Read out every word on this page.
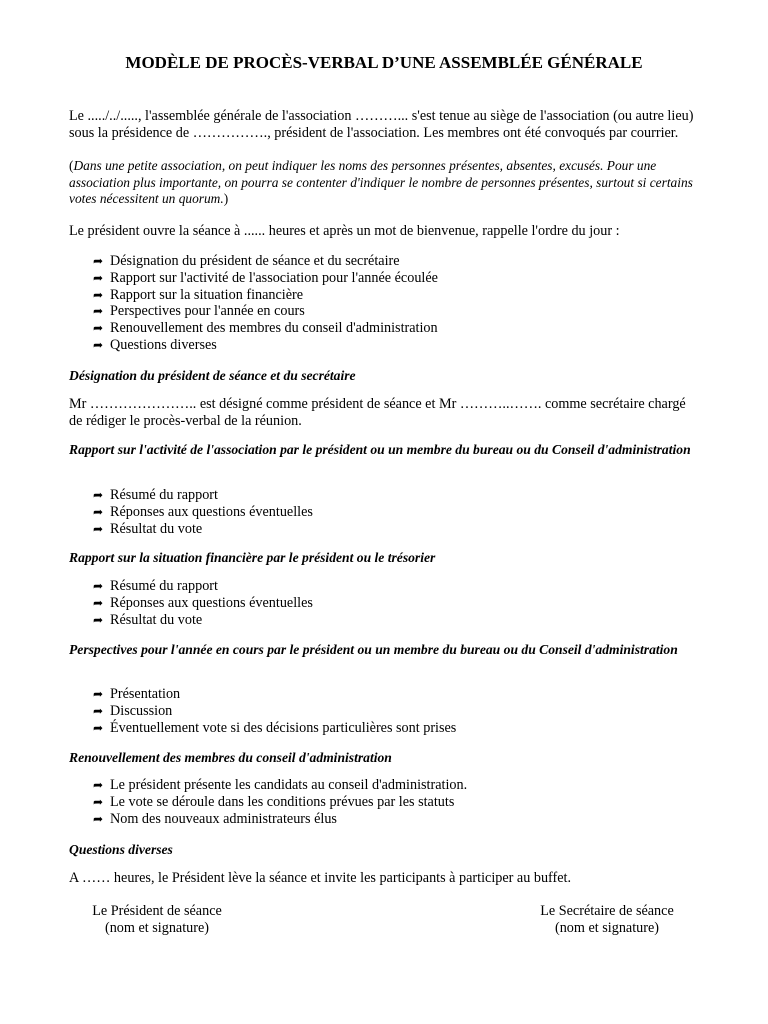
MODÈLE DE PROCÈS-VERBAL D’UNE ASSEMBLÉE GÉNÉRALE
Le ...../../....., l'assemblée générale de l'association ………... s'est tenue au siège de l'association (ou autre lieu) sous la présidence de ……………., président de l'association. Les membres ont été convoqués par courrier.
(Dans une petite association, on peut indiquer les noms des personnes présentes, absentes, excusés. Pour une association plus importante, on pourra se contenter d'indiquer le nombre de personnes présentes, surtout si certains votes nécessitent un quorum.)
Le président ouvre la séance à ...... heures et après un mot de bienvenue, rappelle l'ordre du jour :
➦ Désignation du président de séance et du secrétaire
➦ Rapport sur l'activité de l'association pour l'année écoulée
➦ Rapport sur la situation financière
➦ Perspectives pour l'année en cours
➦ Renouvellement des membres du conseil d'administration
➦ Questions diverses
Désignation du président de séance et du secrétaire
Mr ………………….. est désigné comme président de séance et Mr ………..……. comme secrétaire chargé de rédiger le procès-verbal de la réunion.
Rapport sur l'activité de l'association par le président ou un membre du bureau ou du Conseil d'administration
➦ Résumé du rapport
➦ Réponses aux questions éventuelles
➦ Résultat du vote
Rapport sur la situation financière par le président ou le trésorier
➦ Résumé du rapport
➦ Réponses aux questions éventuelles
➦ Résultat du vote
Perspectives pour l'année en cours par le président ou un membre du bureau ou du Conseil d'administration
➦ Présentation
➦ Discussion
➦ Éventuellement vote si des décisions particulières sont prises
Renouvellement des membres du conseil d'administration
➦ Le président présente les candidats au conseil d'administration.
➦ Le vote se déroule dans les conditions prévues par les statuts
➦ Nom des nouveaux administrateurs élus
Questions diverses
A …… heures, le Président lève la séance et invite les participants à participer au buffet.
Le Président de séance
(nom et signature)
Le Secrétaire de séance
(nom et signature)
